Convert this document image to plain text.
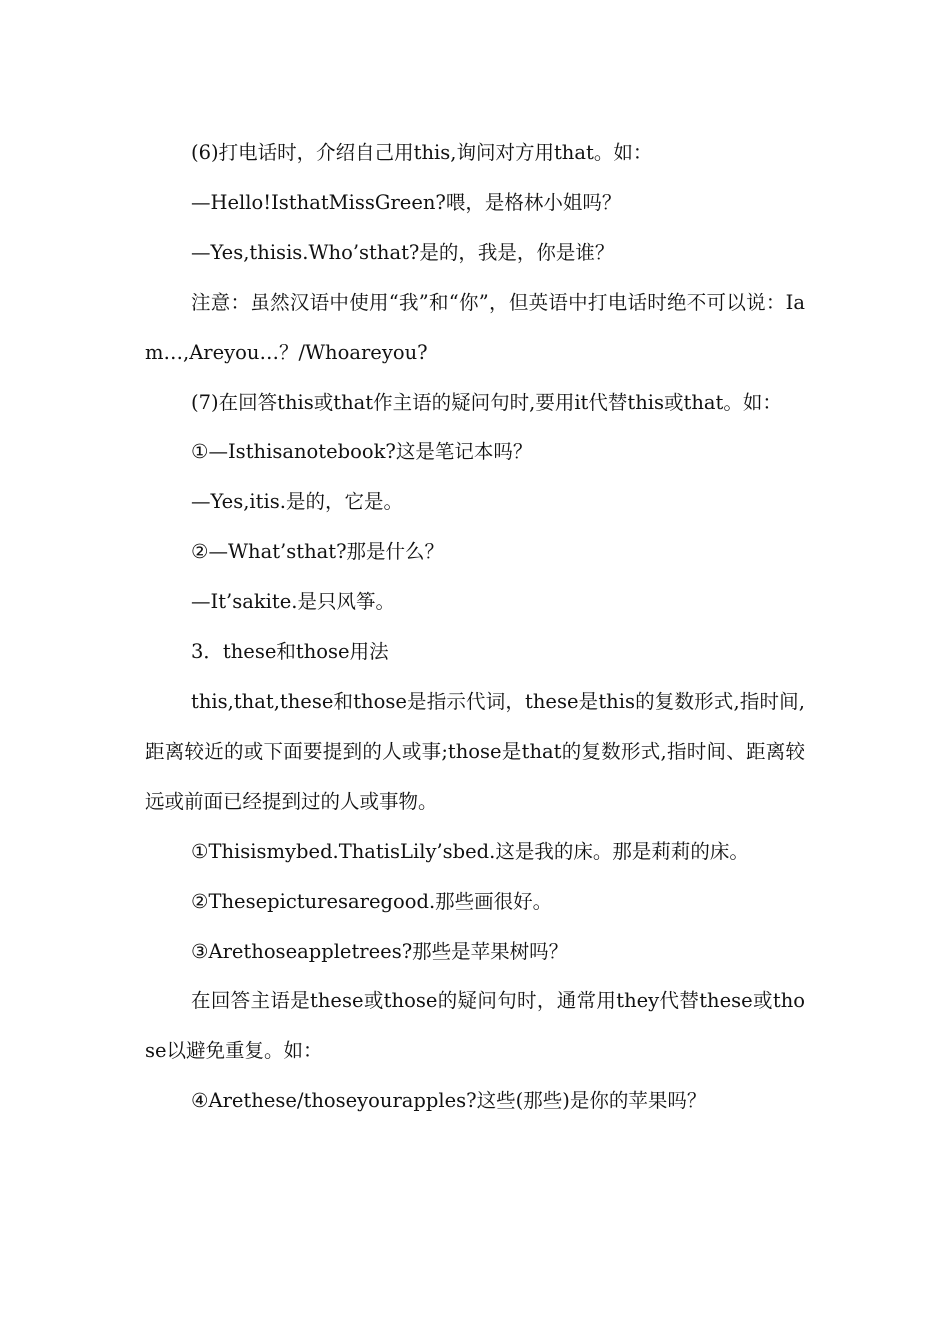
(6)打电话时，介绍自己用this,询问对方用that。如：

—Hello!IsthatMissGreen?喂，是格林小姐吗？

—Yes,thisis.Who’sthat?是的，我是，你是谁？

注意：虽然汉语中使用“我”和“你”，但英语中打电话时绝不可以说：Iam…,Areyou…？/Whoareyou?

(7)在回答this或that作主语的疑问句时,要用it代替this或that。如：

①—Isthisanotebook?这是笔记本吗？

—Yes,itis.是的，它是。

②—What’sthat?那是什么？

—It’sakite.是只风筝。

3．these和those用法

this,that,these和those是指示代词，these是this的复数形式,指时间,距离较近的或下面要提到的人或事;those是that的复数形式,指时间、距离较远或前面已经提到过的人或事物。

①Thisismybed.ThatisLily’sbed.这是我的床。那是莉莉的床。

②Thesepicturesaregood.那些画很好。

③Arethoseappletrees?那些是苹果树吗？

在回答主语是these或those的疑问句时，通常用they代替these或those以避免重复。如：

④Arethese/thoseyourapples?这些(那些)是你的苹果吗？
